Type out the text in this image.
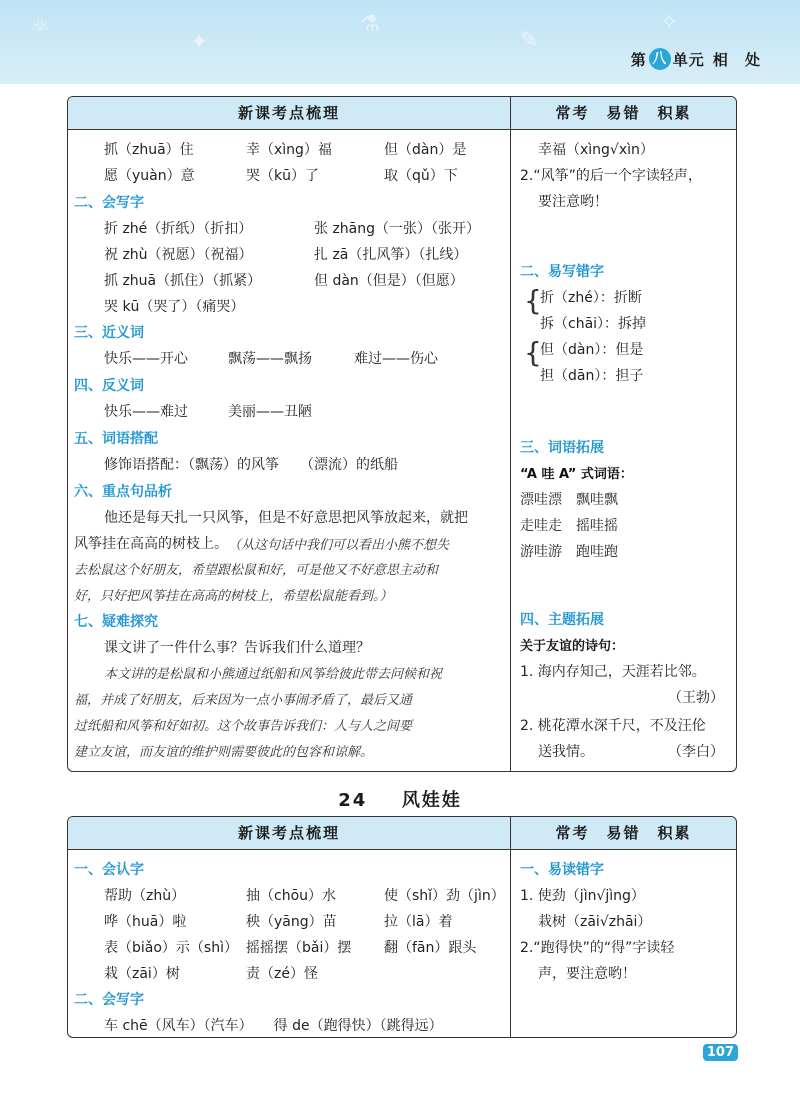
⚛
✦
⚗
✎
✧
第 八 单元 相 处
新课考点梳理	常考　易错　积累
抓（zhuā）住	幸（xìng）福	但（dàn）是
愿（yuàn）意	哭（kū）了	取（qǔ）下
二、会写字
折 zhé（折纸）（折扣）	张 zhāng（一张）（张开）
祝 zhù（祝愿）（祝福）	扎 zā（扎风筝）（扎线）
抓 zhuā（抓住）（抓紧）	但 dàn（但是）（但愿）
哭 kū（哭了）（痛哭）
三、近义词
快乐——开心	飘荡——飘扬	难过——伤心
四、反义词
快乐——难过	美丽——丑陋
五、词语搭配
修饰语搭配：（飘荡）的风筝　　（漂流）的纸船
六、重点句品析
他还是每天扎一只风筝，但是不好意思把风筝放起来，就把
风筝挂在高高的树枝上。 （从这句话中我们可以看出小熊不想失
去松鼠这个好朋友，希望跟松鼠和好，可是他又不好意思主动和
好，只好把风筝挂在高高的树枝上，希望松鼠能看到。）
七、疑难探究
课文讲了一件什么事？告诉我们什么道理？
本文讲的是松鼠和小熊通过纸船和风筝给彼此带去问候和祝
福，并成了好朋友，后来因为一点小事闹矛盾了，最后又通
过纸船和风筝和好如初。这个故事告诉我们：人与人之间要
建立友谊，而友谊的维护则需要彼此的包容和谅解。
幸福（xìng√xìn）
2.“风筝”的后一个字读轻声，
要注意哟！
二、易写错字
{
折（zhé）：折断
拆（chāi）：拆掉
{
但（dàn）：但是
担（dān）：担子
三、词语拓展
“A 哇 A” 式词语：
漂哇漂　飘哇飘
走哇走　摇哇摇
游哇游　跑哇跑
四、主题拓展
关于友谊的诗句：
1. 海内存知己，天涯若比邻。
（王勃）
2. 桃花潭水深千尺，不及汪伦
送我情。	（李白）
24 风娃娃
新课考点梳理	常考　易错　积累
一、会认字
帮助（zhù）	抽（chōu）水	使（shǐ）劲（jìn）
哗（huā）啦	秧（yāng）苗	拉（lā）着
表（biǎo）示（shì） 摇摇摆（bǎi）摆 翻（fān）跟头
栽（zāi）树	责（zé）怪
二、会写字
车 chē（风车）（汽车）　　得 de（跑得快）（跳得远）
一、易读错字
1. 使劲（jìn√jìng）
栽树（zāi√zhāi）
2.“跑得快”的“得”字读轻
声，要注意哟！
107
